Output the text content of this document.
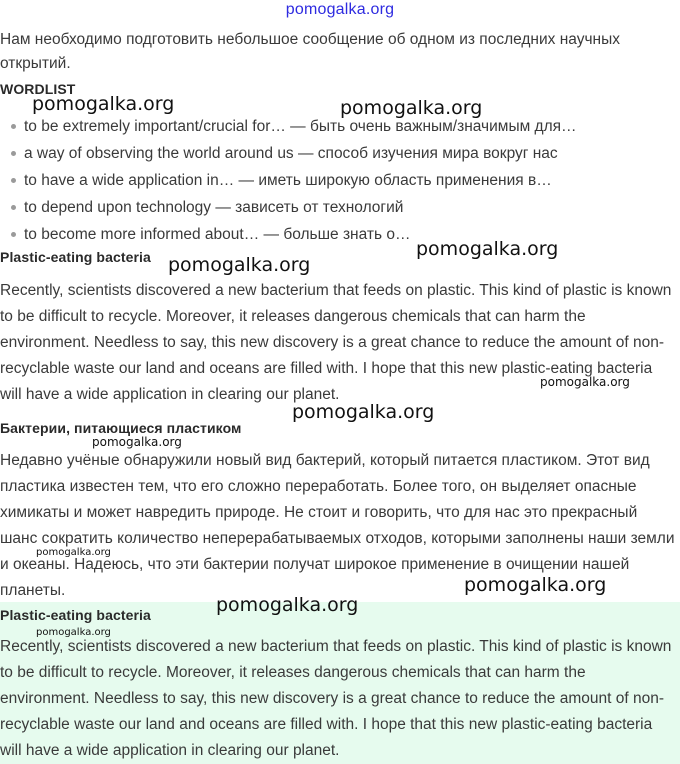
pomogalka.org
Нам необходимо подготовить небольшое сообщение об одном из последних научных открытий.
WORDLIST
to be extremely important/crucial for… — быть очень важным/значимым для…
a way of observing the world around us — способ изучения мира вокруг нас
to have a wide application in… — иметь широкую область применения в…
to depend upon technology — зависеть от технологий
to become more informed about… — больше знать о…
Plastic-eating bacteria
Recently, scientists discovered a new bacterium that feeds on plastic. This kind of plastic is known to be difficult to recycle. Moreover, it releases dangerous chemicals that can harm the environment. Needless to say, this new discovery is a great chance to reduce the amount of non-recyclable waste our land and oceans are filled with. I hope that this new plastic-eating bacteria will have a wide application in clearing our planet.
Бактерии, питающиеся пластиком
Недавно учёные обнаружили новый вид бактерий, который питается пластиком. Этот вид пластика известен тем, что его сложно переработать. Более того, он выделяет опасные химикаты и может навредить природе. Не стоит и говорить, что для нас это прекрасный шанс сократить количество неперерабатываемых отходов, которыми заполнены наши земли и океаны. Надеюсь, что эти бактерии получат широкое применение в очищении нашей планеты.
Plastic-eating bacteria
Recently, scientists discovered a new bacterium that feeds on plastic. This kind of plastic is known to be difficult to recycle. Moreover, it releases dangerous chemicals that can harm the environment. Needless to say, this new discovery is a great chance to reduce the amount of non-recyclable waste our land and oceans are filled with. I hope that this new plastic-eating bacteria will have a wide application in clearing our planet.
pomogalka.org	pomogalka.org
pomogalka.org
pomogalka.org
pomogalka.org
pomogalka.org
pomogalka.org
pomogalka.org
pomogalka.org
pomogalka.org
pomogalka.org
